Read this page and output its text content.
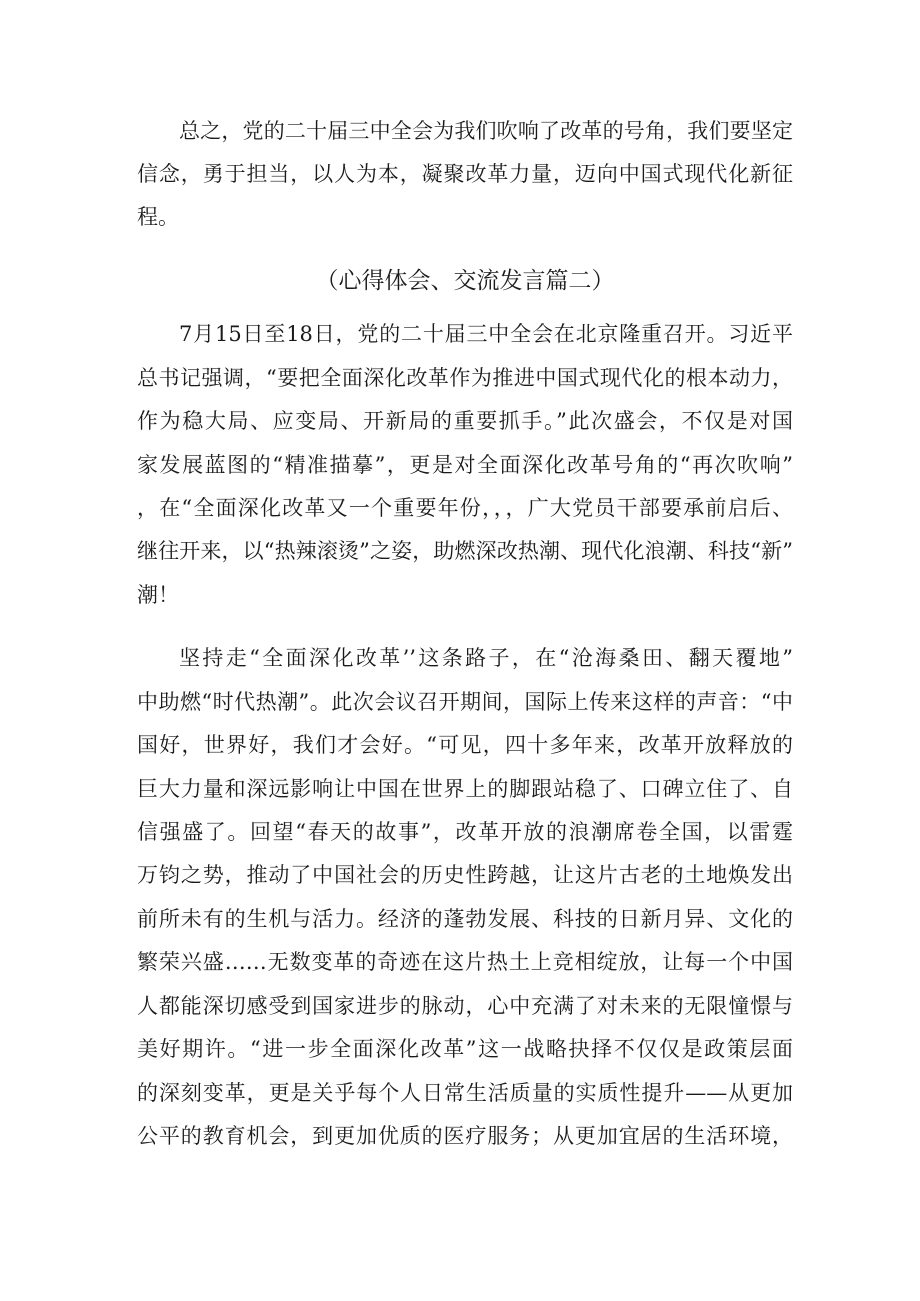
总之，党的二十届三中全会为我们吹响了改革的号角，我们要坚定
信念，勇于担当，以人为本，凝聚改革力量，迈向中国式现代化新征
程。
（心得体会、交流发言篇二）
7月15日至18日，党的二十届三中全会在北京隆重召开。习近平
总书记强调，“要把全面深化改革作为推进中国式现代化的根本动力，
作为稳大局、应变局、开新局的重要抓手。”此次盛会，不仅是对国
家发展蓝图的“精准描摹”，更是对全面深化改革号角的“再次吹响”
，在“全面深化改革又一个重要年份，，，广大党员干部要承前启后、
继往开来，以“热辣滚烫”之姿，助燃深改热潮、现代化浪潮、科技“新”
潮！
坚持走“全面深化改革’’这条路子，在“沧海桑田、翻天覆地”
中助燃“时代热潮”。此次会议召开期间，国际上传来这样的声音：“中
国好，世界好，我们才会好。“可见，四十多年来，改革开放释放的
巨大力量和深远影响让中国在世界上的脚跟站稳了、口碑立住了、自
信强盛了。回望“春天的故事”，改革开放的浪潮席卷全国，以雷霆
万钧之势，推动了中国社会的历史性跨越，让这片古老的土地焕发出
前所未有的生机与活力。经济的蓬勃发展、科技的日新月异、文化的
繁荣兴盛……无数变革的奇迹在这片热土上竞相绽放，让每一个中国
人都能深切感受到国家进步的脉动，心中充满了对未来的无限憧憬与
美好期许。“进一步全面深化改革”这一战略抉择不仅仅是政策层面
的深刻变革，更是关乎每个人日常生活质量的实质性提升——从更加
公平的教育机会，到更加优质的医疗服务；从更加宜居的生活环境，
